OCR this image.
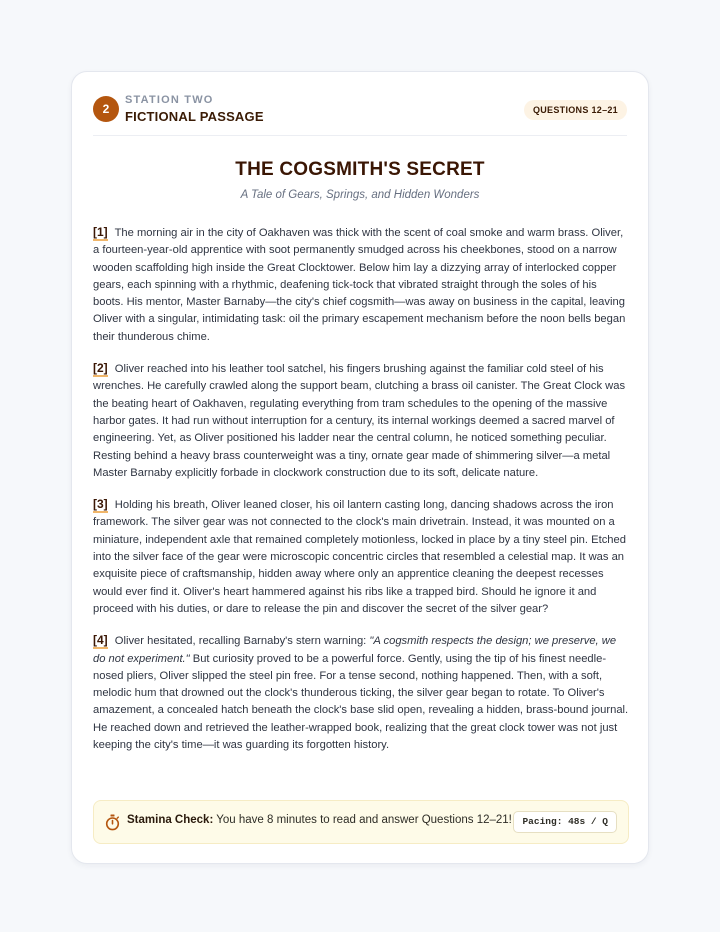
2
STATION TWO
FICTIONAL PASSAGE	QUESTIONS 12–21
THE COGSMITH'S SECRET
A Tale of Gears, Springs, and Hidden Wonders

[1] The morning air in the city of Oakhaven was thick with the scent of coal smoke and warm brass. Oliver, a fourteen-year-old apprentice with soot permanently smudged across his cheekbones, stood on a narrow wooden scaffolding high inside the Great Clocktower. Below him lay a dizzying array of interlocked copper gears, each spinning with a rhythmic, deafening tick-tock that vibrated straight through the soles of his boots. His mentor, Master Barnaby—the city's chief cogsmith—was away on business in the capital, leaving Oliver with a singular, intimidating task: oil the primary escapement mechanism before the noon bells began their thunderous chime.

[2] Oliver reached into his leather tool satchel, his fingers brushing against the familiar cold steel of his wrenches. He carefully crawled along the support beam, clutching a brass oil canister. The Great Clock was the beating heart of Oakhaven, regulating everything from tram schedules to the opening of the massive harbor gates. It had run without interruption for a century, its internal workings deemed a sacred marvel of engineering. Yet, as Oliver positioned his ladder near the central column, he noticed something peculiar. Resting behind a heavy brass counterweight was a tiny, ornate gear made of shimmering silver—a metal Master Barnaby explicitly forbade in clockwork construction due to its soft, delicate nature.

[3] Holding his breath, Oliver leaned closer, his oil lantern casting long, dancing shadows across the iron framework. The silver gear was not connected to the clock's main drivetrain. Instead, it was mounted on a miniature, independent axle that remained completely motionless, locked in place by a tiny steel pin. Etched into the silver face of the gear were microscopic concentric circles that resembled a celestial map. It was an exquisite piece of craftsmanship, hidden away where only an apprentice cleaning the deepest recesses would ever find it. Oliver's heart hammered against his ribs like a trapped bird. Should he ignore it and proceed with his duties, or dare to release the pin and discover the secret of the silver gear?

[4] Oliver hesitated, recalling Barnaby's stern warning: "A cogsmith respects the design; we preserve, we do not experiment." But curiosity proved to be a powerful force. Gently, using the tip of his finest needle-nosed pliers, Oliver slipped the steel pin free. For a tense second, nothing happened. Then, with a soft, melodic hum that drowned out the clock's thunderous ticking, the silver gear began to rotate. To Oliver's amazement, a concealed hatch beneath the clock's base slid open, revealing a hidden, brass-bound journal. He reached down and retrieved the leather-wrapped book, realizing that the great clock tower was not just keeping the city's time—it was guarding its forgotten history.

Stamina Check: You have 8 minutes to read and answer Questions 12–21!	Pacing: 48s / Q
